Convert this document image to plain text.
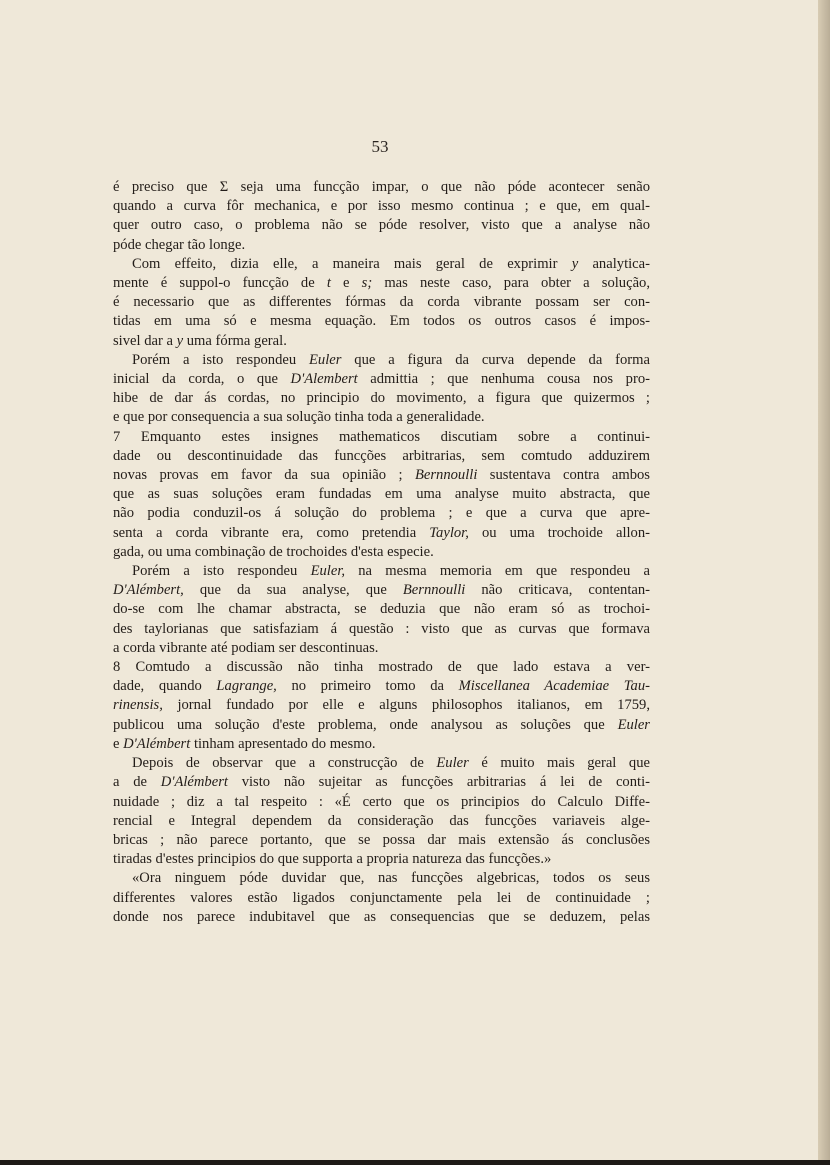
53
é preciso que Σ seja uma funcção impar, o que não póde acontecer senão
quando a curva fôr mechanica, e por isso mesmo continua ; e que, em qual-
quer outro caso, o problema não se póde resolver, visto que a analyse não
póde chegar tão longe.
Com effeito, dizia elle, a maneira mais geral de exprimir y analytica-
mente é suppol-o funcção de t e s; mas neste caso, para obter a solução,
é necessario que as differentes fórmas da corda vibrante possam ser con-
tidas em uma só e mesma equação. Em todos os outros casos é impos-
sivel dar a y uma fórma geral.
Porém a isto respondeu Euler que a figura da curva depende da forma
inicial da corda, o que D'Alembert admittia ; que nenhuma cousa nos pro-
hibe de dar ás cordas, no principio do movimento, a figura que quizermos ;
e que por consequencia a sua solução tinha toda a generalidade.
7 Emquanto estes insignes mathematicos discutiam sobre a continui-
dade ou descontinuidade das funcções arbitrarias, sem comtudo adduzirem
novas provas em favor da sua opinião ; Bernnoulli sustentava contra ambos
que as suas soluções eram fundadas em uma analyse muito abstracta, que
não podia conduzil-os á solução do problema ; e que a curva que apre-
senta a corda vibrante era, como pretendia Taylor, ou uma trochoide allon-
gada, ou uma combinação de trochoides d'esta especie.
Porém a isto respondeu Euler, na mesma memoria em que respondeu a
D'Alémbert, que da sua analyse, que Bernnoulli não criticava, contentan-
do-se com lhe chamar abstracta, se deduzia que não eram só as trochoi-
des taylorianas que satisfaziam á questão : visto que as curvas que formava
a corda vibrante até podiam ser descontinuas.
8 Comtudo a discussão não tinha mostrado de que lado estava a ver-
dade, quando Lagrange, no primeiro tomo da Miscellanea Academiae Tau-
rinensis, jornal fundado por elle e alguns philosophos italianos, em 1759,
publicou uma solução d'este problema, onde analysou as soluções que Euler
e D'Alémbert tinham apresentado do mesmo.
Depois de observar que a construcção de Euler é muito mais geral que
a de D'Alémbert visto não sujeitar as funcções arbitrarias á lei de conti-
nuidade ; diz a tal respeito : «É certo que os principios do Calculo Diffe-
rencial e Integral dependem da consideração das funcções variaveis alge-
bricas ; não parece portanto, que se possa dar mais extensão ás conclusões
tiradas d'estes principios do que supporta a propria natureza das funcções.»
«Ora ninguem póde duvidar que, nas funcções algebricas, todos os seus
differentes valores estão ligados conjunctamente pela lei de continuidade ;
donde nos parece indubitavel que as consequencias que se deduzem, pelas
